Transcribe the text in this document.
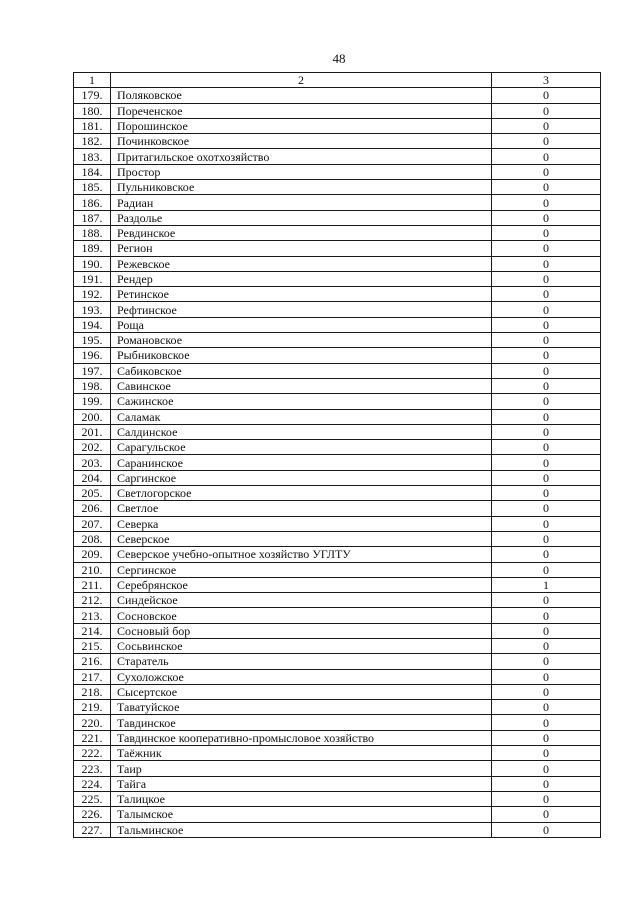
48
1	2	3
179.	Поляковское	0
180.	Пореченское	0
181.	Порошинское	0
182.	Починковское	0
183.	Притагильское охотхозяйство	0
184.	Простор	0
185.	Пульниковское	0
186.	Радиан	0
187.	Раздолье	0
188.	Ревдинское	0
189.	Регион	0
190.	Режевское	0
191.	Рендер	0
192.	Ретинское	0
193.	Рефтинское	0
194.	Роща	0
195.	Романовское	0
196.	Рыбниковское	0
197.	Сабиковское	0
198.	Савинское	0
199.	Сажинское	0
200.	Саламак	0
201.	Салдинское	0
202.	Сарагульское	0
203.	Саранинское	0
204.	Саргинское	0
205.	Светлогорское	0
206.	Светлое	0
207.	Северка	0
208.	Северское	0
209.	Северское учебно-опытное хозяйство УГЛТУ	0
210.	Сергинское	0
211.	Серебрянское	1
212.	Синдейское	0
213.	Сосновское	0
214.	Сосновый бор	0
215.	Сосьвинское	0
216.	Старатель	0
217.	Сухоложское	0
218.	Сысертское	0
219.	Таватуйское	0
220.	Тавдинское	0
221.	Тавдинское кооперативно-промысловое хозяйство	0
222.	Таёжник	0
223.	Таир	0
224.	Тайга	0
225.	Талицкое	0
226.	Талымское	0
227.	Тальминское	0
